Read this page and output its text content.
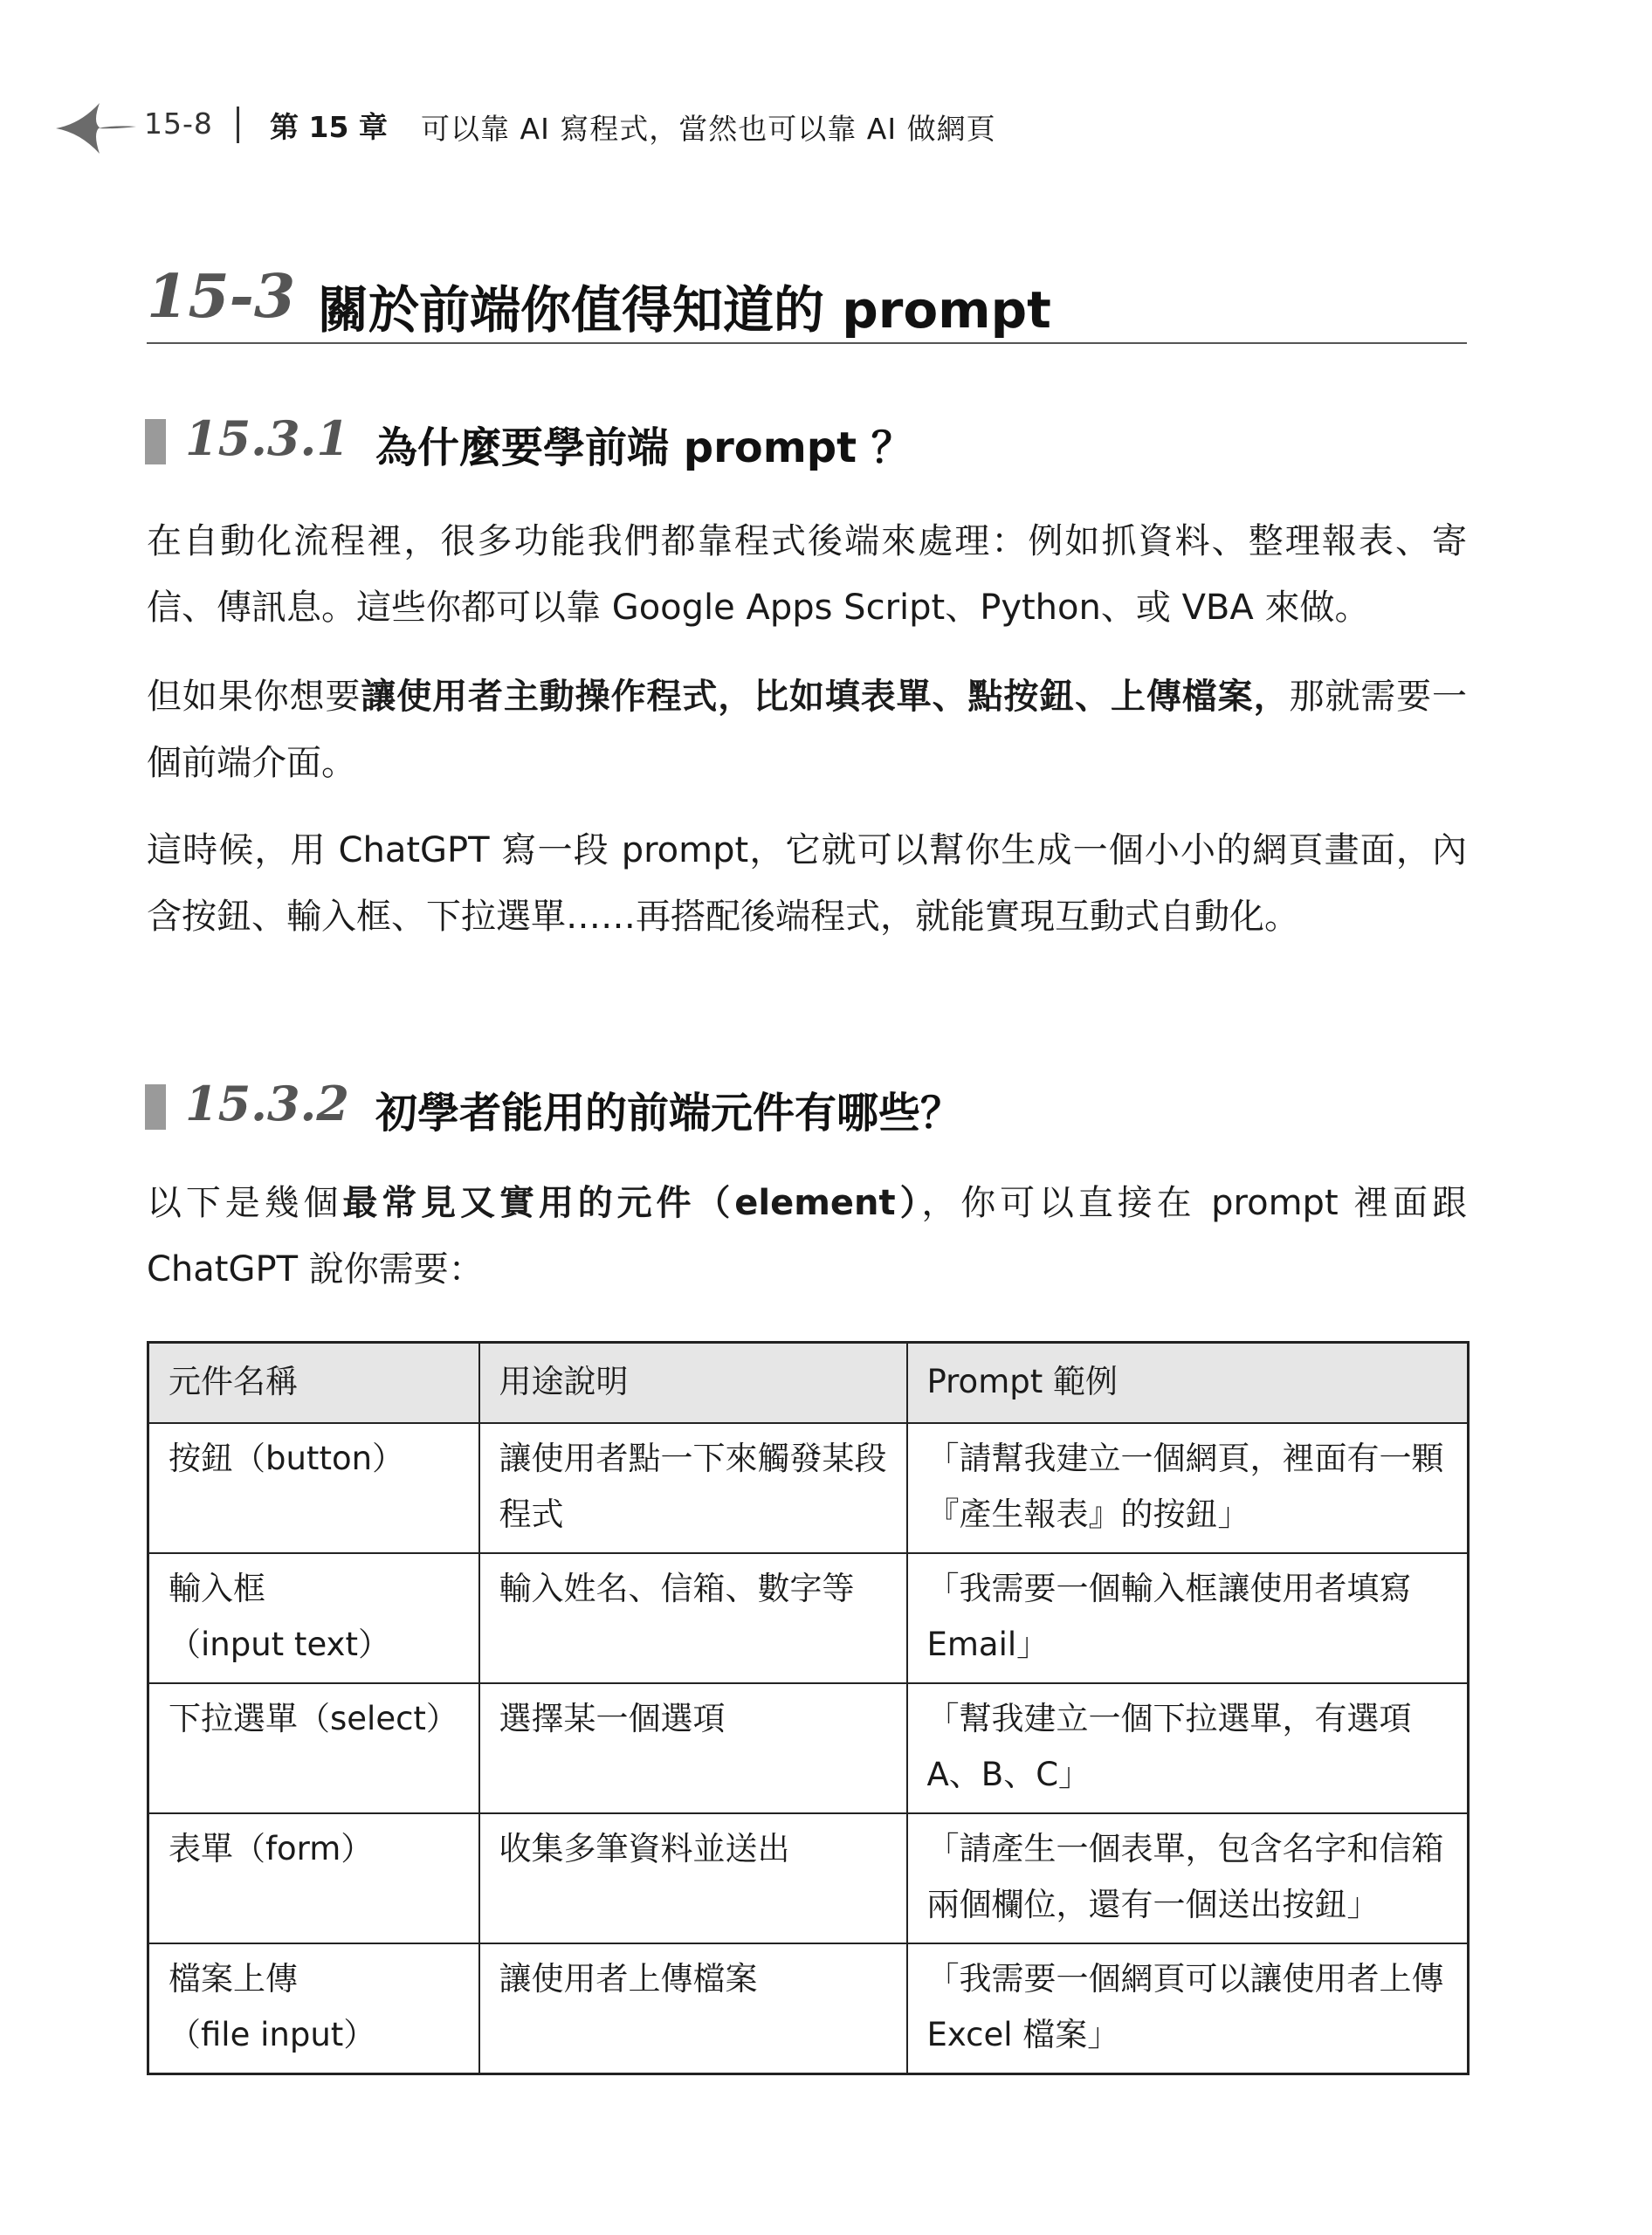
15-8 第 15 章 可以靠 AI 寫程式，當然也可以靠 AI 做網頁
15-3 關於前端你值得知道的 prompt
15.3.1 為什麼要學前端 prompt ？

在自動化流程裡，很多功能我們都靠程式後端來處理：例如抓資料、整理報表、寄信、傳訊息。這些你都可以靠 Google Apps Script、Python、或 VBA 來做。

但如果你想要讓使用者主動操作程式，比如填表單、點按鈕、上傳檔案，那就需要一個前端介面。

這時候，用 ChatGPT 寫一段 prompt，它就可以幫你生成一個小小的網頁畫面，內含按鈕、輸入框、下拉選單……再搭配後端程式，就能實現互動式自動化。

15.3.2 初學者能用的前端元件有哪些？

以下是幾個最常見又實用的元件（element），你可以直接在 prompt 裡面跟 ChatGPT 說你需要：

元件名稱	用途說明	Prompt 範例

按鈕（button）	讓使用者點一下來觸發某段程式	「請幫我建立一個網頁，裡面有一顆『產生報表』的按鈕」

輸入框
（input text）	輸入姓名、信箱、數字等	「我需要一個輸入框讓使用者填寫 Email」

下拉選單（select）	選擇某一個選項	「幫我建立一個下拉選單，有選項 A、B、C」

表單（form）	收集多筆資料並送出	「請產生一個表單，包含名字和信箱兩個欄位，還有一個送出按鈕」

檔案上傳
（file input）	讓使用者上傳檔案	「我需要一個網頁可以讓使用者上傳 Excel 檔案」
